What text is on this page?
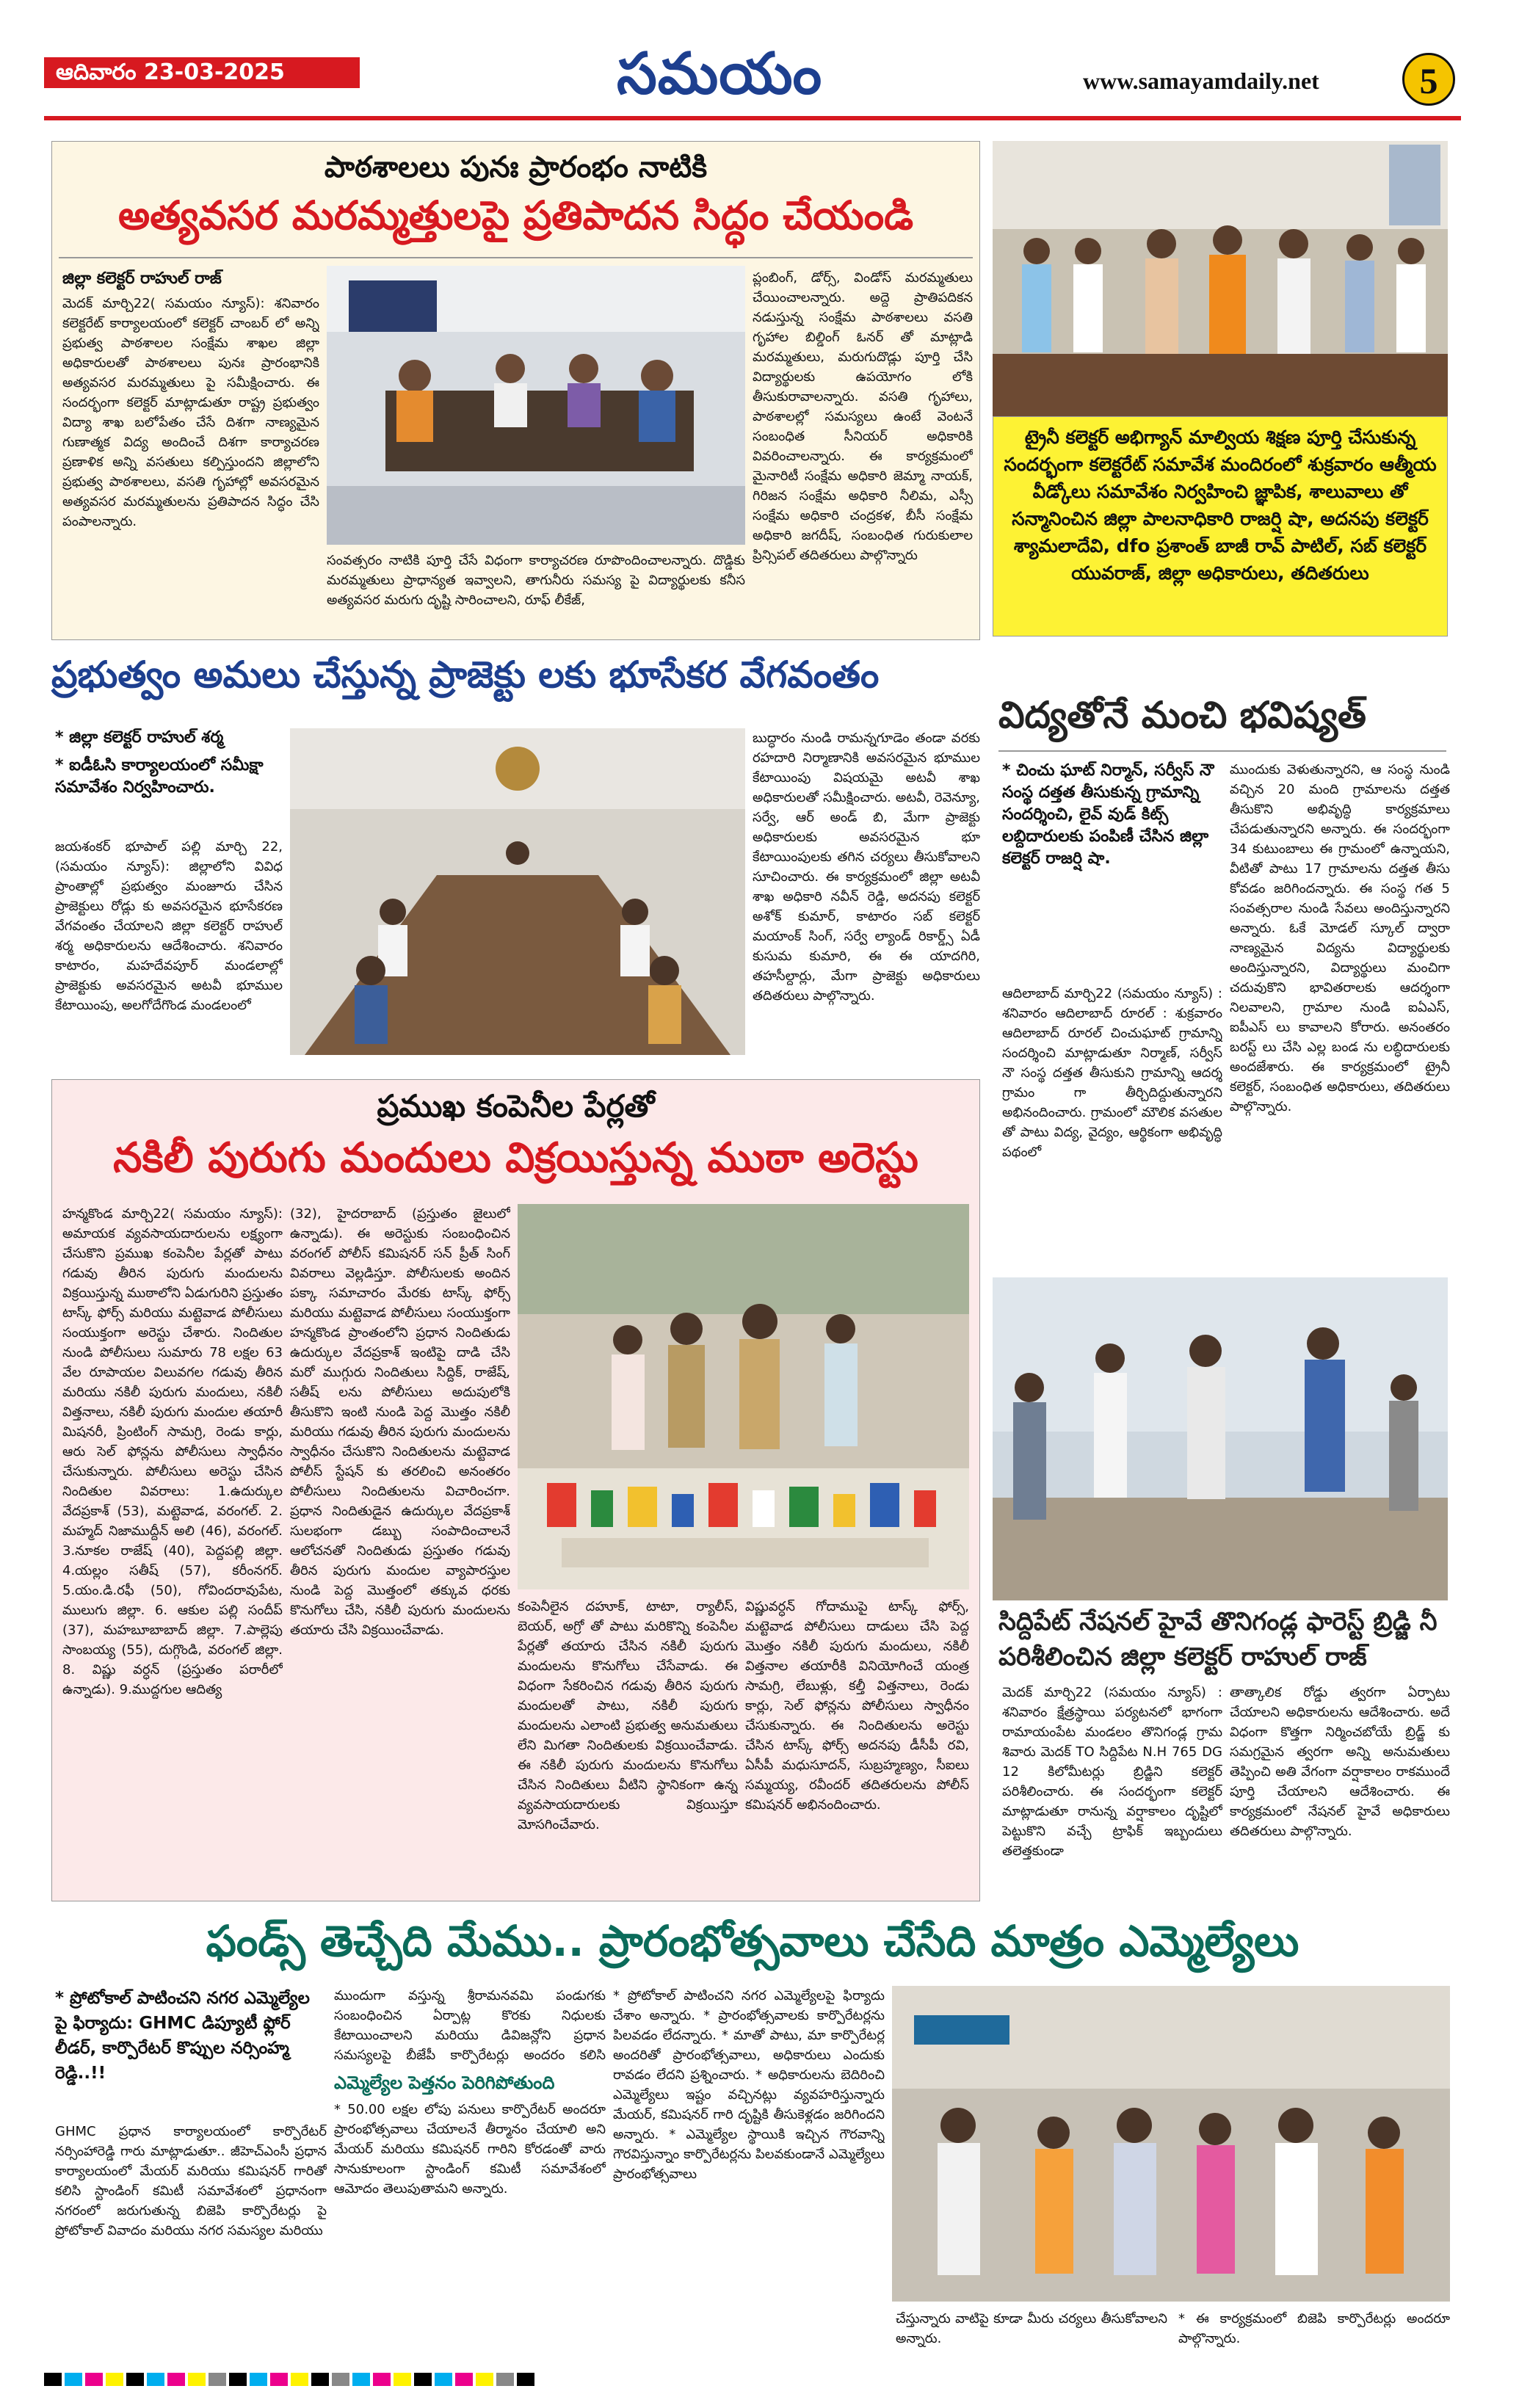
ఆదివారం 23-03-2025	సమయం	www.samayamdaily.net	5
పాఠశాలలు పునః ప్రారంభం నాటికి
అత్యవసర మరమ్మత్తులపై ప్రతిపాదన సిద్ధం చేయండి
జిల్లా కలెక్టర్ రాహుల్ రాజ్
మెదక్ మార్చి22( సమయం న్యూస్): శనివారం కలెక్టరేట్ కార్యాలయంలో కలెక్టర్ చాంబర్ లో అన్ని ప్రభుత్వ పాఠశాలల సంక్షేమ శాఖల జిల్లా అధికారులతో పాఠశాలలు పునః ప్రారంభానికి అత్యవసర మరమ్మతులు పై సమీక్షించారు. ఈ సందర్భంగా కలెక్టర్ మాట్లాడుతూ రాష్ట్ర ప్రభుత్వం విద్యా శాఖ బలోపేతం చేసే దిశగా నాణ్యమైన గుణాత్మక విద్య అందించే దిశగా కార్యాచరణ ప్రణాళిక అన్ని వసతులు కల్పిస్తుందని జిల్లాలోని ప్రభుత్వ పాఠశాలలు, వసతి గృహాల్లో అవసరమైన అత్యవసర మరమ్మతులను ప్రతిపాదన సిద్ధం చేసి పంపాలన్నారు.
సంవత్సరం నాటికి పూర్తి చేసే విధంగా కార్యాచరణ రూపొందించాలన్నారు. దొడ్డికు మరమ్మతులు ప్రాధాన్యత ఇవ్వాలని, తాగునీరు సమస్య పై విద్యార్థులకు కనీస అత్యవసర మరుగు దృష్టి సారించాలని, రూఫ్ లీకేజ్,
ప్లంబింగ్, డోర్స్, విండోస్ మరమ్మతులు చేయించాలన్నారు. అద్దె ప్రాతిపదికన నడుస్తున్న సంక్షేమ పాఠశాలలు వసతి గృహాల బిల్డింగ్ ఓనర్ తో మాట్లాడి మరమ్మతులు, మరుగుదొడ్లు పూర్తి చేసి విద్యార్థులకు ఉపయోగం లోకి తీసుకురావాలన్నారు. వసతి గృహాలు, పాఠశాలల్లో సమస్యలు ఉంటే వెంటనే సంబంధిత సీనియర్ అధికారికి వివరించాలన్నారు. ఈ కార్యక్రమంలో మైనారిటీ సంక్షేమ అధికారి జెమ్మా నాయక్, గిరిజన సంక్షేమ అధికారి నీలిమ, ఎస్సీ సంక్షేమ అధికారి చంద్రకళ, బీసీ సంక్షేమ అధికారి జగదీష్, సంబంధిత గురుకులాల ప్రిన్సిపల్ తదితరులు పాల్గొన్నారు
ట్రైనీ కలెక్టర్ అభిగ్యాన్ మాల్వియ శిక్షణ పూర్తి చేసుకున్న సందర్భంగా కలెక్టరేట్ సమావేశ మందిరంలో శుక్రవారం ఆత్మీయ వీడ్కోలు సమావేశం నిర్వహించి జ్ఞాపిక, శాలువాలు తో సన్మానించిన జిల్లా పాలనాధికారి రాజర్షి షా, అదనపు కలెక్టర్ శ్యామలాదేవి, dfo ప్రశాంత్ బాజీ రావ్ పాటిల్, సబ్ కలెక్టర్ యువరాజ్, జిల్లా అధికారులు, తదితరులు
ప్రభుత్వం అమలు చేస్తున్న ప్రాజెక్టు లకు భూసేకర వేగవంతం
* జిల్లా కలెక్టర్ రాహుల్ శర్మ
* ఐడీఓసి కార్యాలయంలో సమీక్షా సమావేశం నిర్వహించారు.
జయశంకర్ భూపాల్ పల్లి మార్చి 22, (సమయం న్యూస్): జిల్లాలోని వివిధ ప్రాంతాల్లో ప్రభుత్వం మంజూరు చేసిన ప్రాజెక్టులు రోడ్లు కు అవసరమైన భూసేకరణ వేగవంతం చేయాలని జిల్లా కలెక్టర్ రాహుల్ శర్మ అధికారులను ఆదేశించారు. శనివారం కాటారం, మహదేవపూర్ మండలాల్లో ప్రాజెక్టుకు అవసరమైన అటవీ భూముల కేటాయింపు, అలగోదేగొండ మండలంలో
బుద్ధారం నుండి రామన్నగూడెం తండా వరకు రహదారి నిర్మాణానికి అవసరమైన భూముల కేటాయింపు విషయమై అటవీ శాఖ అధికారులతో సమీక్షించారు. అటవీ, రెవెన్యూ, సర్వే, ఆర్ అండ్ బి, మేగా ప్రాజెక్టు అధికారులకు అవసరమైన భూ కేటాయింపులకు తగిన చర్యలు తీసుకోవాలని సూచించారు. ఈ కార్యక్రమంలో జిల్లా అటవీ శాఖ అధికారి నవీన్ రెడ్డి, అదనపు కలెక్టర్ అశోక్ కుమార్, కాటారం సబ్ కలెక్టర్ మయాంక్ సింగ్, సర్వే ల్యాండ్ రికార్డ్స్ ఏడీ కుసుమ కుమారి, ఈ ఈ యాదగిరి, తహసీల్దార్లు, మేగా ప్రాజెక్టు అధికారులు తదితరులు పాల్గొన్నారు.
విద్యతోనే మంచి భవిష్యత్
* చించు ఘాట్ నిర్మాన్, సర్వీస్ నౌ సంస్థ దత్తత తీసుకున్న గ్రామాన్ని సందర్శించి, లైవ్ వుడ్ కిట్స్ లబ్దిదారులకు పంపిణీ చేసిన జిల్లా కలెక్టర్ రాజర్షి షా.
ఆదిలాబాద్ మార్చి22 (సమయం న్యూస్) : శనివారం ఆదిలాబాద్ రూరల్ : శుక్రవారం ఆదిలాబాద్ రూరల్ చించుఘాట్ గ్రామాన్ని సందర్శించి మాట్లాడుతూ నిర్మాణ్, సర్వీస్ నౌ సంస్థ దత్తత తీసుకుని గ్రామాన్ని ఆదర్శ గ్రామం గా తీర్చిదిద్దుతున్నారని అభినందించారు. గ్రామంలో మౌలిక వసతుల తో పాటు విద్య, వైద్యం, ఆర్థికంగా అభివృద్ధి పథంలో
ముందుకు వెళుతున్నారని, ఆ సంస్థ నుండి వచ్చిన 20 మంది గ్రామాలను దత్తత తీసుకొని అభివృద్ధి కార్యక్రమాలు చేపడుతున్నారని అన్నారు. ఈ సందర్భంగా 34 కుటుంబాలు ఈ గ్రామంలో ఉన్నాయని, వీటితో పాటు 17 గ్రామాలను దత్తత తీసు కోవడం జరిగిందన్నారు. ఈ సంస్థ గత 5 సంవత్సరాల నుండి సేవలు అందిస్తున్నారని అన్నారు. ఓకే మోడల్ స్కూల్ ద్వారా నాణ్యమైన విద్యను విద్యార్థులకు అందిస్తున్నారని, విద్యార్థులు మంచిగా చదువుకొని భావితరాలకు ఆదర్శంగా నిలవాలని, గ్రామాల నుండి ఐఏఎస్, ఐపీఎస్ లు కావాలని కోరారు. అనంతరం బరస్ట్ లు చేసి ఎల్ల బండ ను లబ్ధిదారులకు అందజేశారు. ఈ కార్యక్రమంలో ట్రైనీ కలెక్టర్, సంబంధిత అధికారులు, తదితరులు పాల్గొన్నారు.
ప్రముఖ కంపెనీల పేర్లతో
నకిలీ పురుగు మందులు విక్రయిస్తున్న ముఠా అరెస్టు
హన్మకొండ మార్చి22( సమయం న్యూస్): అమాయక వ్యవసాయదారులను లక్ష్యంగా చేసుకొని ప్రముఖ కంపెనీల పేర్లతో పాటు గడువు తీరిన పురుగు మందులను విక్రయిస్తున్న ముఠాలోని ఏడుగురిని ప్రస్తుతం టాస్క్ ఫోర్స్ మరియు మట్టెవాడ పోలీసులు సంయుక్తంగా అరెస్టు చేశారు. నిందితుల నుండి పోలీసులు సుమారు 78 లక్షల 63 వేల రూపాయల విలువగల గడువు తీరిన మరియు నకిలీ పురుగు మందులు, నకిలీ విత్తనాలు, నకిలీ పురుగు మందుల తయారీ మిషనరీ, ప్రింటింగ్ సామగ్రి, రెండు కార్లు, ఆరు సెల్ ఫోన్లను పోలీసులు స్వాధీనం చేసుకున్నారు. పోలీసులు అరెస్టు చేసిన నిందితుల వివరాలు: 1.ఉదుర్కుల వేదప్రకాశ్ (53), మట్టెవాడ, వరంగల్. 2. మహ్మద్ నిజాముద్దీన్ అలి (46), వరంగల్. 3.నూకల రాజేష్ (40), పెద్దపల్లి జిల్లా. 4.యల్లం సతీష్ (57), కరీంనగర్. 5.యం.డి.రఫీ (50), గోవిందరావుపేట, ములుగు జిల్లా. 6. ఆకుల పల్లి సందీప్ (37), మహబూబాబాద్ జిల్లా. 7.పాల్లెపు సాంబయ్య (55), దుగ్గొండి, వరంగల్ జిల్లా. 8. విష్ణు వర్ధన్ (ప్రస్తుతం పరారీలో ఉన్నాడు). 9.ముద్దగుల ఆదిత్య
(32), హైదరాబాద్ (ప్రస్తుతం జైలులో ఉన్నాడు). ఈ అరెస్టుకు సంబంధించిన వరంగల్ పోలీస్ కమిషనర్ సన్ ప్రీత్ సింగ్ వివరాలు వెల్లడిస్తూ. పోలీసులకు అందిన పక్కా సమాచారం మేరకు టాస్క్ ఫోర్స్ మరియు మట్టెవాడ పోలీసులు సంయుక్తంగా హన్మకొండ ప్రాంతంలోని ప్రధాన నిందితుడు ఉదుర్కుల వేదప్రకాశ్ ఇంటిపై దాడి చేసి మరో ముగ్గురు నిందితులు సిద్దిక్, రాజేష్, సతీష్ లను పోలీసులు అదుపులోకి తీసుకొని ఇంటి నుండి పెద్ద మొత్తం నకిలీ మరియు గడువు తీరిన పురుగు మందులను స్వాధీనం చేసుకొని నిందితులను మట్టెవాడ పోలీస్ స్టేషన్ కు తరలించి అనంతరం పోలీసులు నిందితులను విచారించగా. ప్రధాన నిందితుడైన ఉదుర్కుల వేదప్రకాశ్ సులభంగా డబ్బు సంపాదించాలనే ఆలోచనతో నిందితుడు ప్రస్తుతం గడువు తీరిన పురుగు మందుల వ్యాపారస్తుల నుండి పెద్ద మొత్తంలో తక్కువ ధరకు కొనుగోలు చేసి, నకిలీ పురుగు మందులను తయారు చేసి విక్రయించేవాడు.
కంపెనీలైన దహూక్, టాటా, ర్యాలీస్, బెయర్, అగ్రో తో పాటు మరికొన్ని కంపెనీల పేర్లతో తయారు చేసిన నకిలీ పురుగు మందులను కొనుగోలు చేసేవాడు. ఈ విధంగా సేకరించిన గడువు తీరిన పురుగు మందులతో పాటు, నకిలీ పురుగు మందులను ఎలాంటి ప్రభుత్వ అనుమతులు లేని మిగతా నిందితులకు విక్రయించేవాడు. ఈ నకిలీ పురుగు మందులను కొనుగోలు చేసిన నిందితులు వీటిని స్థానికంగా ఉన్న వ్యవసాయదారులకు విక్రయిస్తూ మోసగించేవారు.
విష్ణువర్ధన్ గోదాముపై టాస్క్ ఫోర్స్, మట్టెవాడ పోలీసులు దాడులు చేసి పెద్ద మొత్తం నకిలీ పురుగు మందులు, నకిలీ విత్తనాల తయారీకి వినియోగించే యంత్ర సామగ్రి, లేబుళ్లు, కల్తీ విత్తనాలు, రెండు కార్లు, సెల్ ఫోన్లను పోలీసులు స్వాధీనం చేసుకున్నారు. ఈ నిందితులను అరెస్టు చేసిన టాస్క్ ఫోర్స్ అదనపు డీసీపీ రవి, ఏసీపీ మధుసూదన్, సుబ్రహ్మణ్యం, సీఐలు సమ్మయ్య, రవీందర్ తదితరులను పోలీస్ కమిషనర్ అభినందించారు.
సిద్దిపేట్ నేషనల్ హైవే తొనిగండ్ల ఫారెస్ట్ బ్రిడ్జి నీ పరిశీలించిన జిల్లా కలెక్టర్ రాహుల్ రాజ్
మెదక్ మార్చి22 (సమయం న్యూస్) : శనివారం క్షేత్రస్థాయి పర్యటనలో భాగంగా రామాయంపేట మండలం తొనిగండ్ల గ్రామ శివారు మెదక్ TO సిద్దిపేట N.H 765 DG 12 కిలోమీటర్లు బ్రిడ్జిని కలెక్టర్ పరిశీలించారు. ఈ సందర్భంగా కలెక్టర్ మాట్లాడుతూ రానున్న వర్షాకాలం దృష్టిలో పెట్టుకొని వచ్చే ట్రాఫిక్ ఇబ్బందులు తలెత్తకుండా
తాత్కాలిక రోడ్డు త్వరగా ఏర్పాటు చేయాలని అధికారులను ఆదేశించారు. అదే విధంగా కొత్తగా నిర్మించబోయే బ్రిడ్జ్ కు సమగ్రమైన త్వరగా అన్ని అనుమతులు తెప్పించి అతి వేగంగా వర్షాకాలం రాకముందే పూర్తి చేయాలని ఆదేశించారు. ఈ కార్యక్రమంలో నేషనల్ హైవే అధికారులు తదితరులు పాల్గొన్నారు.
ఫండ్స్ తెచ్చేది మేము.. ప్రారంభోత్సవాలు చేసేది మాత్రం ఎమ్మెల్యేలు
* ప్రోటోకాల్ పాటించని నగర ఎమ్మెల్యేల పై ఫిర్యాదు: GHMC డిప్యూటీ ఫ్లోర్ లీడర్, కార్పొరేటర్ కొప్పుల నర్సింహ్మ రెడ్డి..!!
GHMC ప్రధాన కార్యాలయంలో కార్పొరేటర్ నర్సింహారెడ్డి గారు మాట్లాడుతూ.. జీహెచ్ఎంసీ ప్రధాన కార్యాలయంలో మేయర్ మరియు కమిషనర్ గారితో కలిసి స్టాండింగ్ కమిటీ సమావేశంలో ప్రధానంగా నగరంలో జరుగుతున్న బిజెపి కార్పొరేటర్లు పై ప్రోటోకాల్ వివాదం మరియు నగర సమస్యల మరియు
ముందుగా వస్తున్న శ్రీరామనవమి పండుగకు సంబంధించిన ఏర్పాట్ల కొరకు నిధులకు కేటాయించాలని మరియు డివిజన్లోని ప్రధాన సమస్యలపై బీజేపీ కార్పొరేటర్లు అందరం కలిసి
ఎమ్మెల్యేల పెత్తనం పెరిగిపోతుంది
* 50.00 లక్షల లోపు పనులు కార్పొరేటర్ అందరూ ప్రారంభోత్సవాలు చేయాలనే తీర్మానం చేయాలి అని మేయర్ మరియు కమిషనర్ గారిని కోరడంతో వారు సానుకూలంగా స్టాండింగ్ కమిటీ సమావేశంలో ఆమోదం తెలుపుతామని అన్నారు.
* ప్రోటోకాల్ పాటించని నగర ఎమ్మెల్యేలపై ఫిర్యాదు చేశాం అన్నారు. * ప్రారంభోత్సవాలకు కార్పొరేటర్లను పిలవడం లేదన్నారు. * మాతో పాటు, మా కార్పొరేటర్ల అందరితో ప్రారంభోత్సవాలు, అధికారులు ఎందుకు రావడం లేదని ప్రశ్నించారు. * అధికారులను బెదిరించి ఎమ్మెల్యేలు ఇష్టం వచ్చినట్లు వ్యవహరిస్తున్నారు మేయర్, కమిషనర్ గారి దృష్టికి తీసుకెళ్లడం జరిగిందని అన్నారు. * ఎమ్మెల్యేల స్థాయికి ఇచ్చిన గౌరవాన్ని గౌరవిస్తున్నాం కార్పొరేటర్లను పిలవకుండానే ఎమ్మెల్యేలు ప్రారంభోత్సవాలు
చేస్తున్నారు వాటిపై కూడా మీరు చర్యలు తీసుకోవాలని అన్నారు.
* ఈ కార్యక్రమంలో బిజెపి కార్పొరేటర్లు అందరూ పాల్గొన్నారు.
